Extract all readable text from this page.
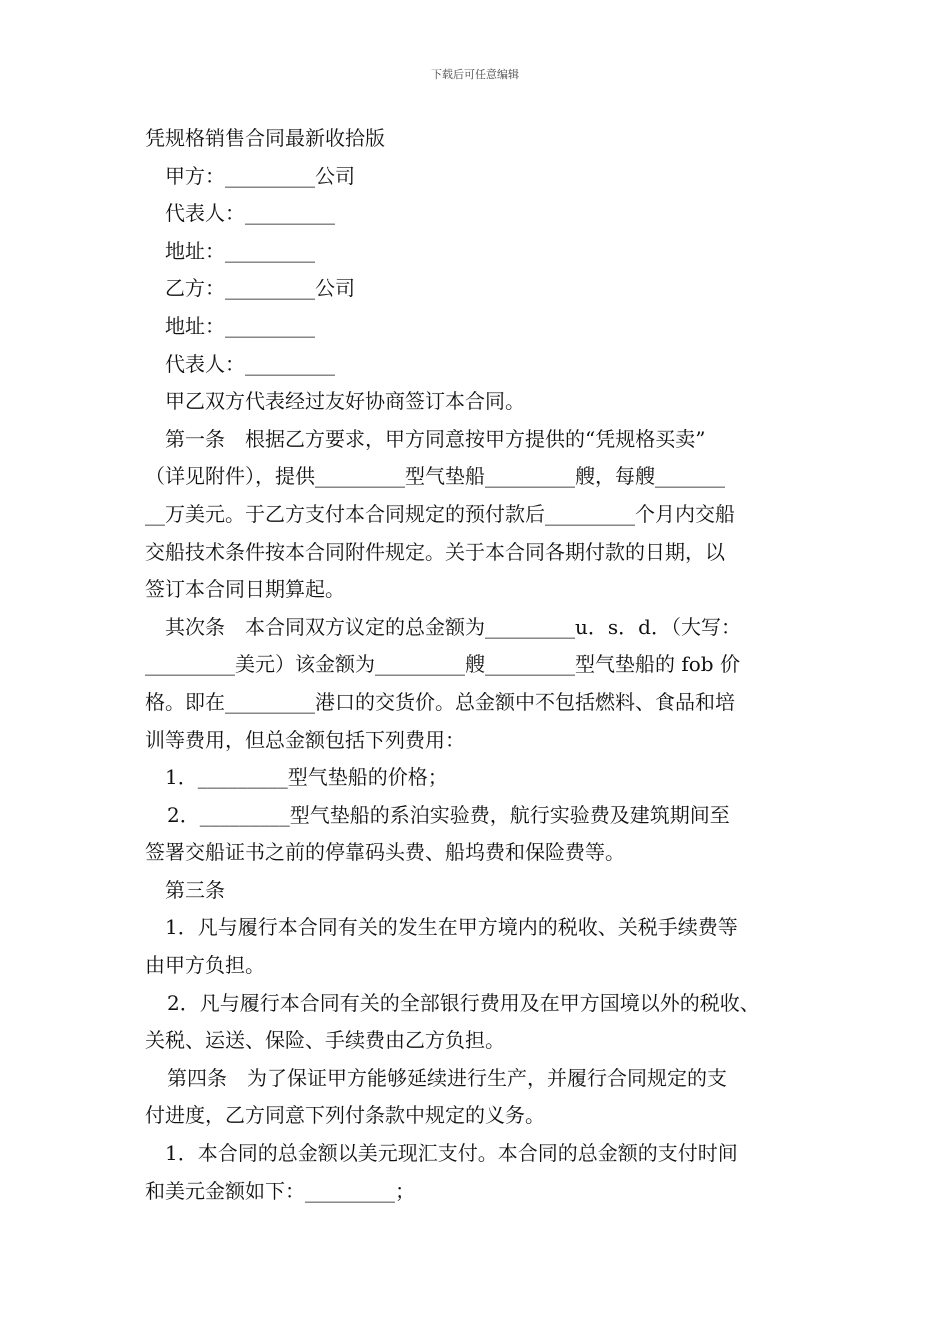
下载后可任意编辑
凭规格销售合同最新收拾版
甲方：_________公司
代表人：_________
地址：_________
乙方：_________公司
地址：_________
代表人：_________
甲乙双方代表经过友好协商签订本合同。
第一条　根据乙方要求，甲方同意按甲方提供的“凭规格买卖”
（详见附件），提供_________型气垫船_________艘，每艘_______
__万美元。于乙方支付本合同规定的预付款后_________个月内交船
交船技术条件按本合同附件规定。关于本合同各期付款的日期，以
签订本合同日期算起。
其次条　本合同双方议定的总金额为_________u．s．d．（大写：
_________美元）该金额为_________艘_________型气垫船的 fob 价
格。即在_________港口的交货价。总金额中不包括燃料、食品和培
训等费用，但总金额包括下列费用：
1．_________型气垫船的价格；
2．_________型气垫船的系泊实验费，航行实验费及建筑期间至
签署交船证书之前的停靠码头费、船坞费和保险费等。
第三条
1．凡与履行本合同有关的发生在甲方境内的税收、关税手续费等
由甲方负担。
2．凡与履行本合同有关的全部银行费用及在甲方国境以外的税收、
关税、运送、保险、手续费由乙方负担。
第四条　为了保证甲方能够延续进行生产，并履行合同规定的支
付进度，乙方同意下列付条款中规定的义务。
1．本合同的总金额以美元现汇支付。本合同的总金额的支付时间
和美元金额如下：_________；
